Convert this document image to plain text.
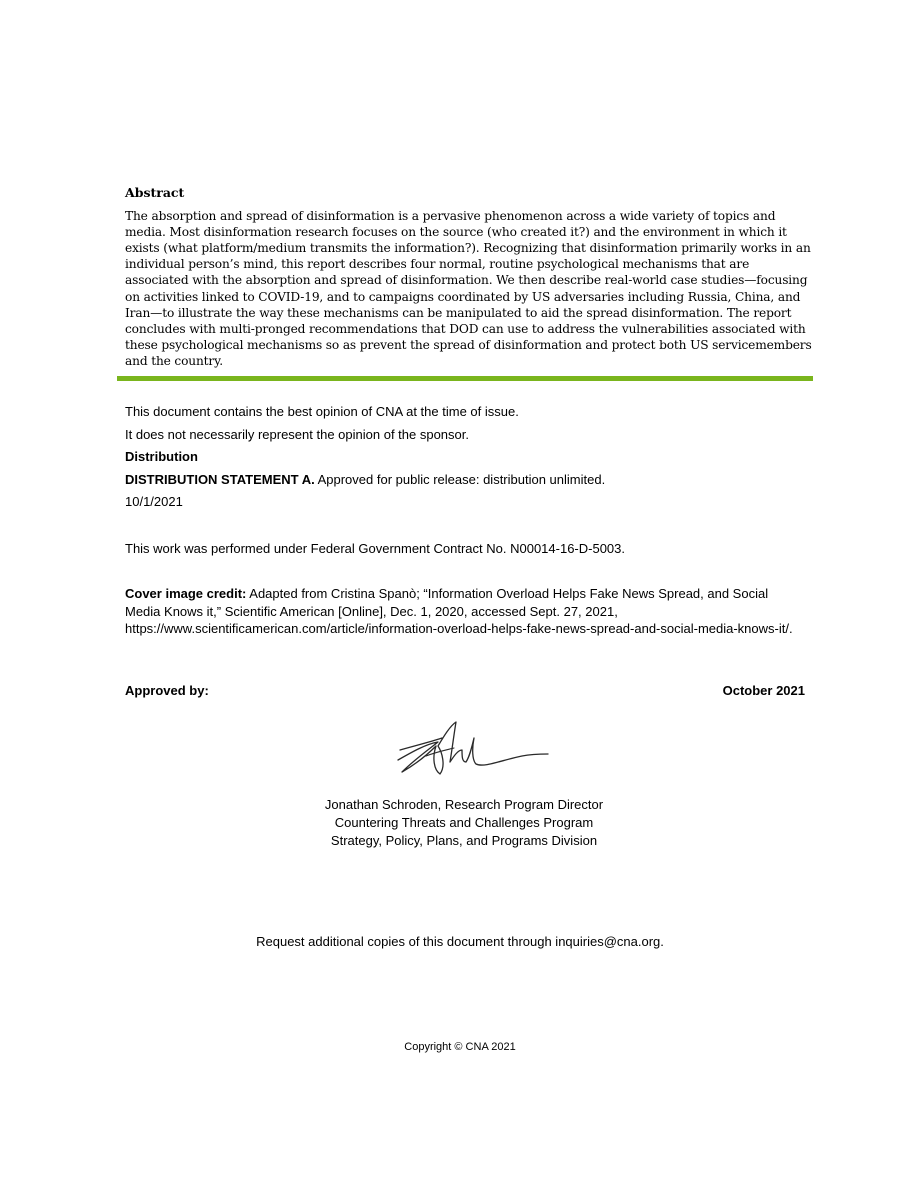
Abstract

The absorption and spread of disinformation is a pervasive phenomenon across a wide variety of topics and media. Most disinformation research focuses on the source (who created it?) and the environment in which it exists (what platform/medium transmits the information?). Recognizing that disinformation primarily works in an individual person’s mind, this report describes four normal, routine psychological mechanisms that are associated with the absorption and spread of disinformation. We then describe real-world case studies—focusing on activities linked to COVID-19, and to campaigns coordinated by US adversaries including Russia, China, and Iran—to illustrate the way these mechanisms can be manipulated to aid the spread disinformation. The report concludes with multi-pronged recommendations that DOD can use to address the vulnerabilities associated with these psychological mechanisms so as prevent the spread of disinformation and protect both US servicemembers and the country.

This document contains the best opinion of CNA at the time of issue.

It does not necessarily represent the opinion of the sponsor.

Distribution

DISTRIBUTION STATEMENT A. Approved for public release: distribution unlimited.

10/1/2021

This work was performed under Federal Government Contract No. N00014-16-D-5003.

Cover image credit: Adapted from Cristina Spanò; “Information Overload Helps Fake News Spread, and Social Media Knows it,” Scientific American [Online], Dec. 1, 2020, accessed Sept. 27, 2021, https://www.scientificamerican.com/article/information-overload-helps-fake-news-spread-and-social-media-knows-it/.

Approved by:	October 2021

Jonathan Schroden, Research Program Director

Countering Threats and Challenges Program

Strategy, Policy, Plans, and Programs Division

Request additional copies of this document through inquiries@cna.org.
Copyright © CNA 2021
